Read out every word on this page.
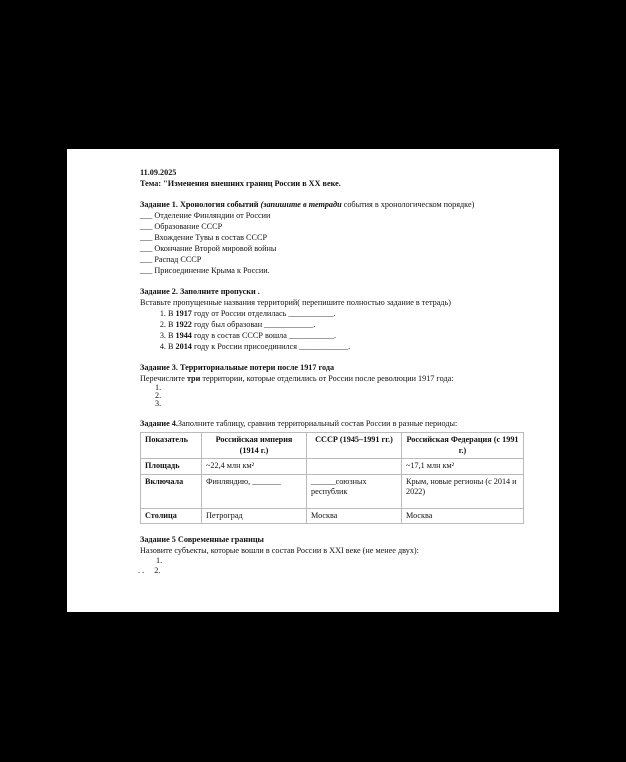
11.09.2025
Тема: "Изменения внешних границ России в XX веке.
Задание 1. Хронология событий (запишите в тетради события в хронологическом порядке)
___ Отделение Финляндии от России
___ Образование СССР
___ Вхождение Тувы в состав СССР
___ Окончание Второй мировой войны
___ Распад СССР
___ Присоединение Крыма к России.
Задание 2. Заполните пропуски .
Вставьте пропущенные названия территорий( перепишите полностью задание в тетрадь)
1. В 1917 году от России отделилась ___________.
2. В 1922 году был образован ____________.
3. В 1944 году в состав СССР вошла ___________.
4. В 2014 году к России присоединился ____________.
Задание 3. Территориальные потери после 1917 года
Перечислите три территории, которые отделились от России после революции 1917 года:
1.
2.
3.
Задание 4.Заполните таблицу, сравнив территориальный состав России в разные периоды:
Показатель	Российская империя (1914 г.)	СССР (1945–1991 гг.)	Российская Федерация (с 1991 г.)
Площадь	~22,4 млн км²		~17,1 млн км²
Включала	Финляндию, _______	______союзных республик	Крым, новые регионы (с 2014 и 2022)
Столица	Петроград	Москва	Москва
Задание 5 Современные границы
Назовите субъекты, которые вошли в состав России в XXI веке (не менее двух):
1.
. . 2.
